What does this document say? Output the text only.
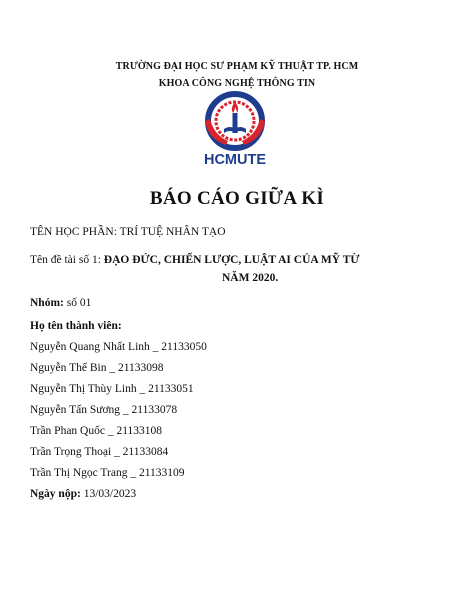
TRƯỜNG ĐẠI HỌC SƯ PHẠM KỸ THUẬT TP. HCM
KHOA CÔNG NGHỆ THÔNG TIN
HCMUTE
BÁO CÁO GIỮA KÌ
TÊN HỌC PHẦN: TRÍ TUỆ NHÂN TẠO
Tên đề tài số 1: ĐẠO ĐỨC, CHIẾN LƯỢC, LUẬT AI CỦA MỸ TỪ
NĂM 2020.
Nhóm: số 01
Họ tên thành viên:
Nguyễn Quang Nhất Linh _ 21133050
Nguyễn Thế Bin _ 21133098
Nguyễn Thị Thùy Linh _ 21133051
Nguyễn Tấn Sương _ 21133078
Trần Phan Quốc _ 21133108
Trần Trọng Thoại _ 21133084
Trần Thị Ngọc Trang _ 21133109
Ngày nộp: 13/03/2023
